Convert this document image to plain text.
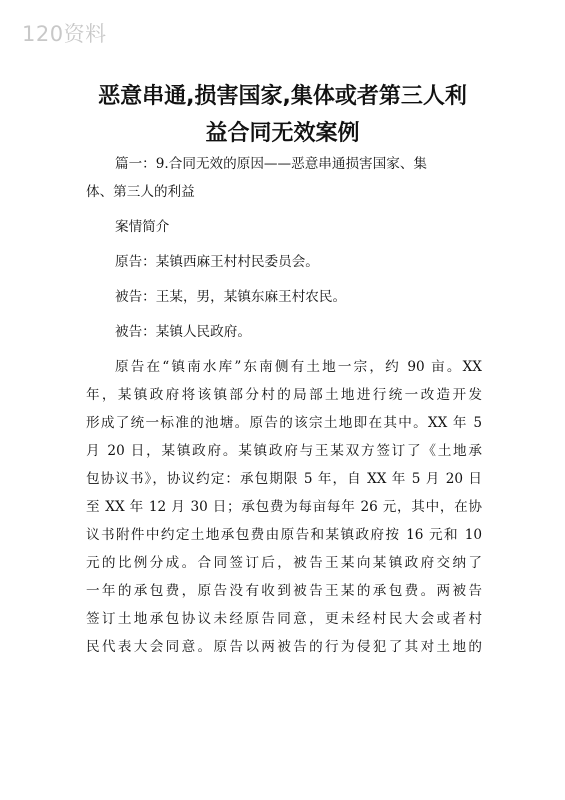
120资料
恶意串通,损害国家,集体或者第三人利
益合同无效案例
篇一：9.合同无效的原因——恶意串通损害国家、集
体、第三人的利益
案情简介
原告：某镇西麻王村村民委员会。
被告：王某，男，某镇东麻王村农民。
被告：某镇人民政府。
原告在“镇南水库”东南侧有土地一宗，约 90 亩。XX
年，某镇政府将该镇部分村的局部土地进行统一改造开发
形成了统一标准的池塘。原告的该宗土地即在其中。XX 年 5
月 20 日，某镇政府。某镇政府与王某双方签订了《土地承
包协议书》，协议约定：承包期限 5 年，自 XX 年 5 月 20 日
至 XX 年 12 月 30 日；承包费为每亩每年 26 元，其中，在协
议书附件中约定土地承包费由原告和某镇政府按 16 元和 10
元的比例分成。合同签订后，被告王某向某镇政府交纳了
一年的承包费，原告没有收到被告王某的承包费。两被告
签订土地承包协议未经原告同意，更未经村民大会或者村
民代表大会同意。原告以两被告的行为侵犯了其对土地的
